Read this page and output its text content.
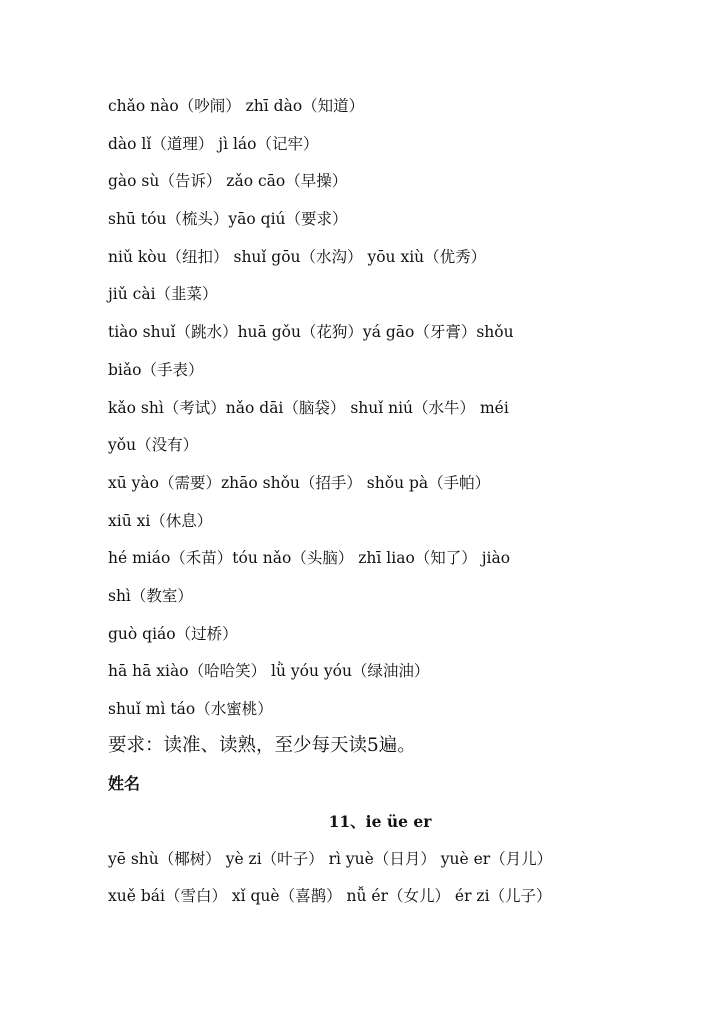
chǎo nào（吵闹） zhī dào（知道）
dào lǐ（道理） jì láo（记牢）
gào sù（告诉） zǎo cāo（早操）
shū tóu（梳头）yāo qiú（要求）
niǔ kòu（纽扣） shuǐ gōu（水沟） yōu xiù（优秀）
jiǔ cài（韭菜）
tiào shuǐ（跳水）huā gǒu（花狗）yá gāo（牙膏）shǒu
biǎo（手表）
kǎo shì（考试）nǎo dāi（脑袋） shuǐ niú（水牛） méi
yǒu（没有）
xū yào（需要）zhāo shǒu（招手） shǒu pà（手帕）
xiū xi（休息）
hé miáo（禾苗）tóu nǎo（头脑） zhī liao（知了） jiào
shì（教室）
guò qiáo（过桥）
hā hā xiào（哈哈笑） lǜ yóu yóu（绿油油）
shuǐ mì táo（水蜜桃）
要求：读准、读熟，至少每天读5遍。
姓名
11、ie üe er
yē shù（椰树） yè zi（叶子） rì yuè（日月） yuè er（月儿）
xuě bái（雪白） xǐ què（喜鹊） nǚ ér（女儿） ér zi（儿子）
